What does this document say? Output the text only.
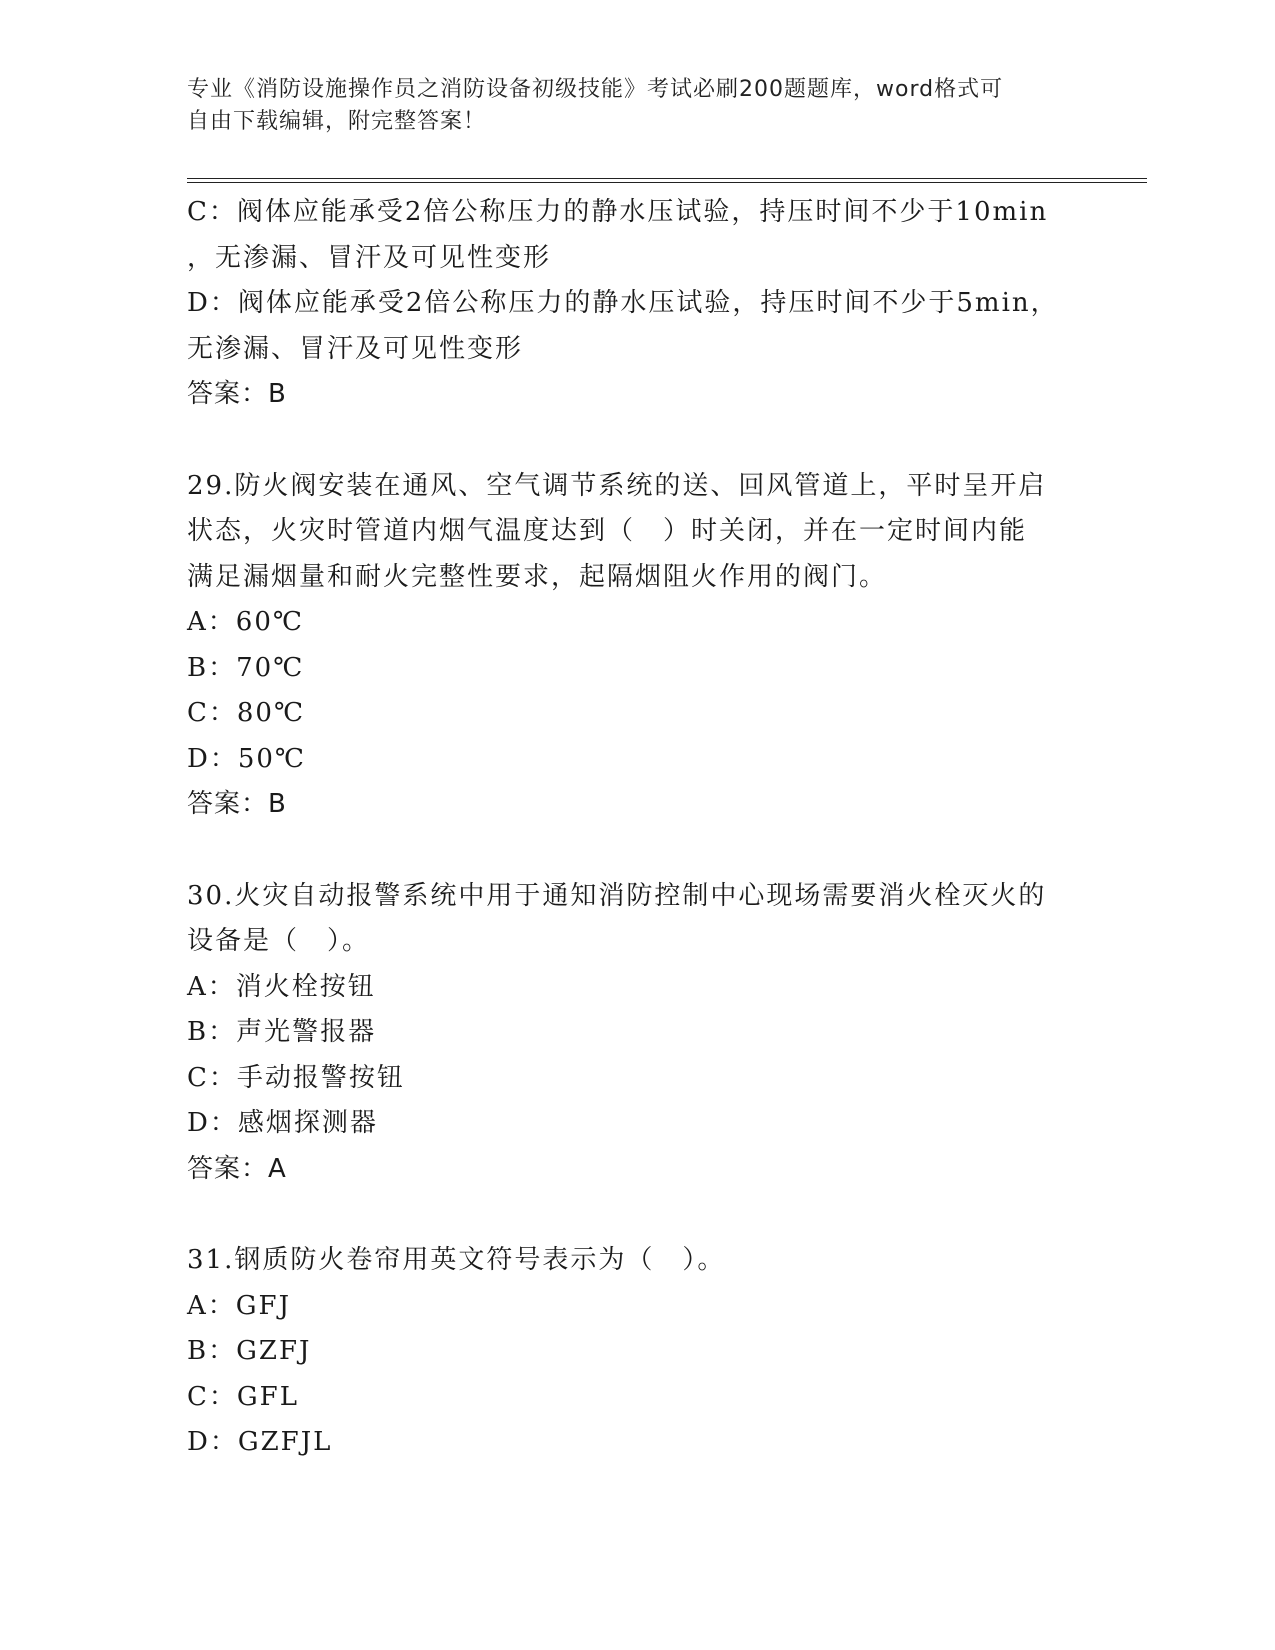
专业《消防设施操作员之消防设备初级技能》考试必刷200题题库，word格式可
自由下载编辑，附完整答案！
C：阀体应能承受2倍公称压力的静水压试验，持压时间不少于10min
，无渗漏、冒汗及可见性变形
D：阀体应能承受2倍公称压力的静水压试验，持压时间不少于5min，
无渗漏、冒汗及可见性变形
答案：B
29.防火阀安装在通风、空气调节系统的送、回风管道上，平时呈开启
状态，火灾时管道内烟气温度达到（　）时关闭，并在一定时间内能
满足漏烟量和耐火完整性要求，起隔烟阻火作用的阀门。
A：60℃
B：70℃
C：80℃
D：50℃
答案：B
30.火灾自动报警系统中用于通知消防控制中心现场需要消火栓灭火的
设备是（　）。
A：消火栓按钮
B：声光警报器
C：手动报警按钮
D：感烟探测器
答案：A
31.钢质防火卷帘用英文符号表示为（　）。
A：GFJ
B：GZFJ
C：GFL
D：GZFJL
